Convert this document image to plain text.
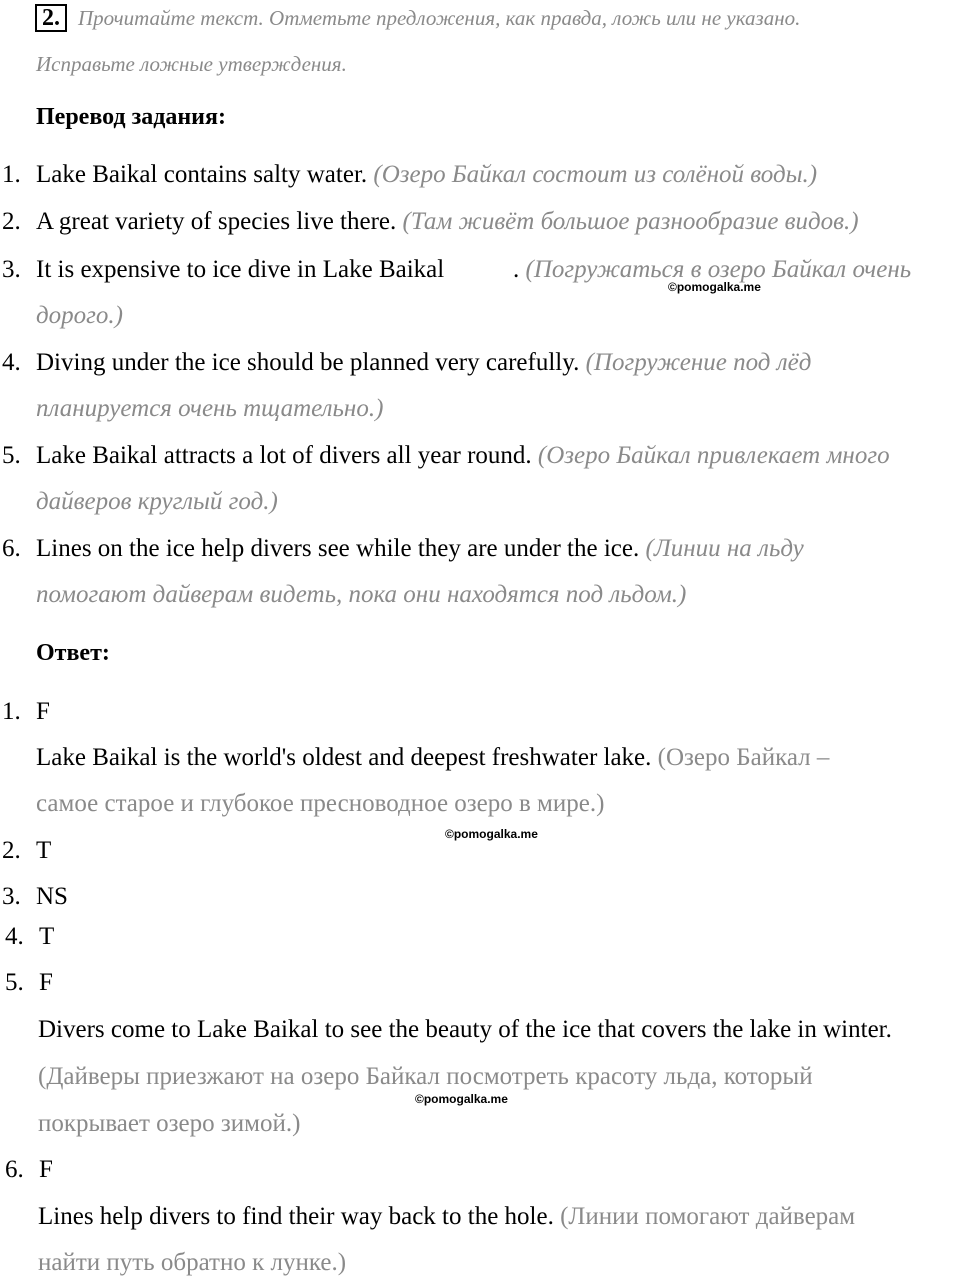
2. Прочитайте текст. Отметьте предложения, как правда, ложь или не указано.
Исправьте ложные утверждения.
Перевод задания:
1. Lake Baikal contains salty water. (Озеро Байкал состоит из солёной воды.)
2. A great variety of species live there. (Там живёт большое разнообразие видов.)
3. It is expensive to ice dive in Lake Baikal	. (Погружаться в озеро Байкал очень
©pomogalka.me
дорого.)
4. Diving under the ice should be planned very carefully. (Погружение под лёд
планируется очень тщательно.)
5. Lake Baikal attracts a lot of divers all year round. (Озеро Байкал привлекает много
дайверов круглый год.)
6. Lines on the ice help divers see while they are under the ice. (Линии на льду
помогают дайверам видеть, пока они находятся под льдом.)
Ответ:
1. F
Lake Baikal is the world's oldest and deepest freshwater lake. (Озеро Байкал –
самое старое и глубокое пресноводное озеро в мире.)
©pomogalka.me
2. T
3. NS
4. T
5. F
Divers come to Lake Baikal to see the beauty of the ice that covers the lake in winter.
(Дайверы приезжают на озеро Байкал посмотреть красоту льда, который
©pomogalka.me
покрывает озеро зимой.)
6. F
Lines help divers to find their way back to the hole. (Линии помогают дайверам
найти путь обратно к лунке.)
